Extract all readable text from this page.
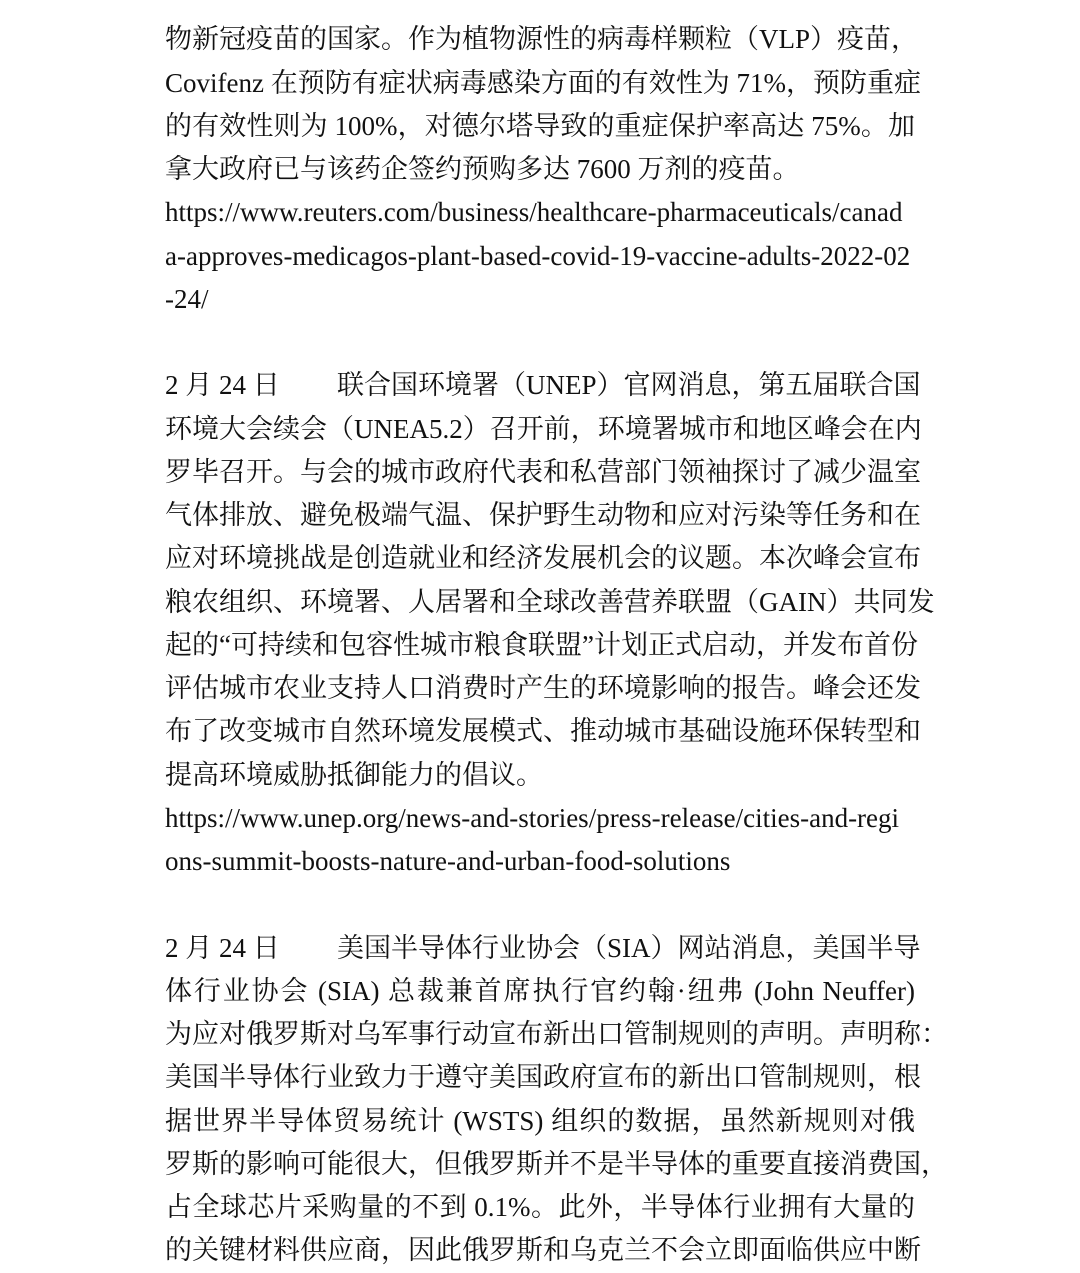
物新冠疫苗的国家。作为植物源性的病毒样颗粒（VLP）疫苗，
Covifenz 在预防有症状病毒感染方面的有效性为 71%，预防重症
的有效性则为 100%，对德尔塔导致的重症保护率高达 75%。加
拿大政府已与该药企签约预购多达 7600 万剂的疫苗。
https://www.reuters.com/business/healthcare-pharmaceuticals/canad
a-approves-medicagos-plant-based-covid-19-vaccine-adults-2022-02
-24/
2 月 24 日 联合国环境署（UNEP）官网消息，第五届联合国
环境大会续会（UNEA5.2）召开前，环境署城市和地区峰会在内
罗毕召开。与会的城市政府代表和私营部门领袖探讨了减少温室
气体排放、避免极端气温、保护野生动物和应对污染等任务和在
应对环境挑战是创造就业和经济发展机会的议题。本次峰会宣布
粮农组织、环境署、人居署和全球改善营养联盟（GAIN）共同发
起的“可持续和包容性城市粮食联盟”计划正式启动，并发布首份
评估城市农业支持人口消费时产生的环境影响的报告。峰会还发
布了改变城市自然环境发展模式、推动城市基础设施环保转型和
提高环境威胁抵御能力的倡议。
https://www.unep.org/news-and-stories/press-release/cities-and-regi
ons-summit-boosts-nature-and-urban-food-solutions
2 月 24 日 美国半导体行业协会（SIA）网站消息，美国半导
体行业协会 (SIA) 总裁兼首席执行官约翰·纽弗 (John Neuffer)
为应对俄罗斯对乌军事行动宣布新出口管制规则的声明。声明称：
美国半导体行业致力于遵守美国政府宣布的新出口管制规则，根
据世界半导体贸易统计 (WSTS) 组织的数据，虽然新规则对俄
罗斯的影响可能很大，但俄罗斯并不是半导体的重要直接消费国，
占全球芯片采购量的不到 0.1%。此外，半导体行业拥有大量的
的关键材料供应商，因此俄罗斯和乌克兰不会立即面临供应中断
